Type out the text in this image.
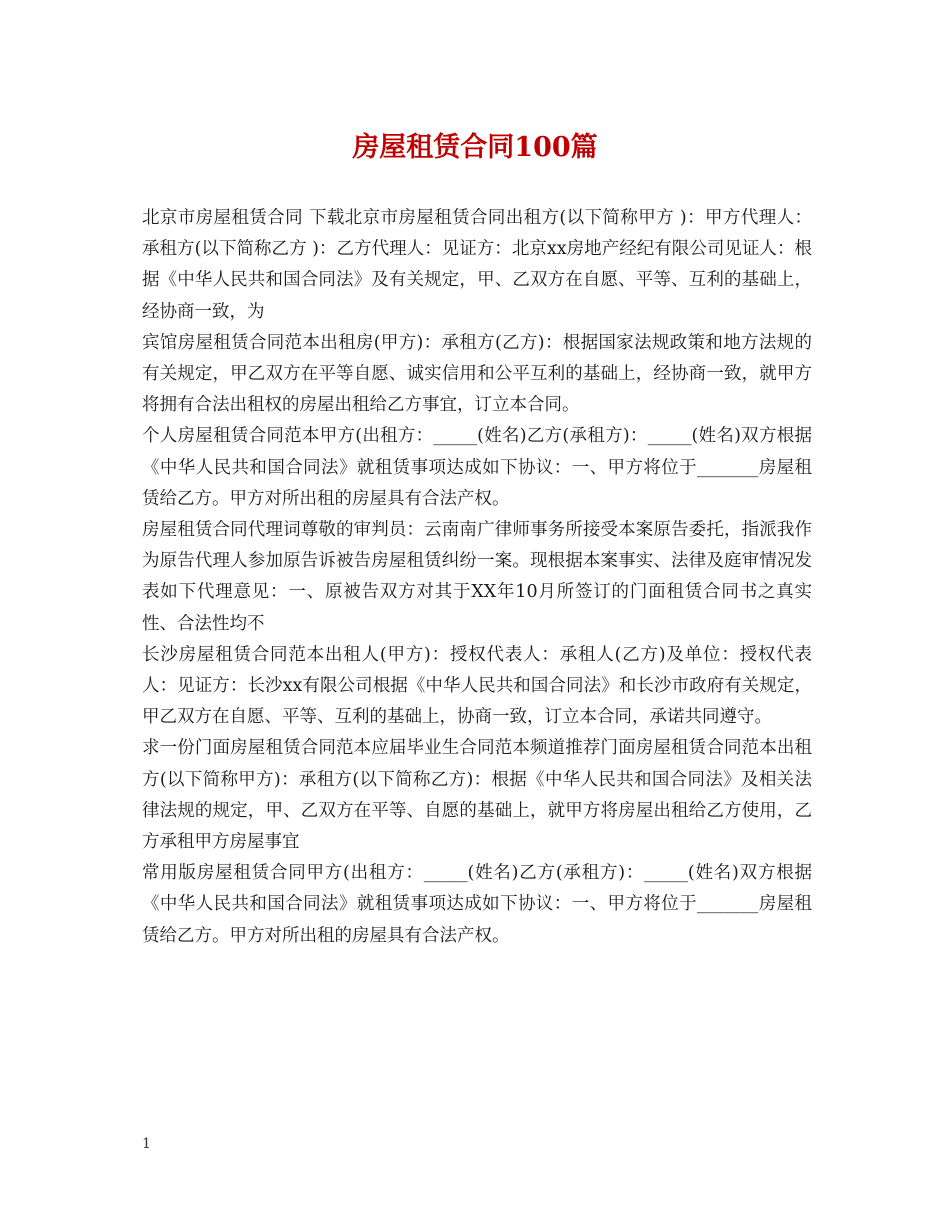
房屋租赁合同100篇

北京市房屋租赁合同 下载北京市房屋租赁合同出租方(以下简称甲方 )：甲方代理人：承租方(以下简称乙方 )：乙方代理人：见证方：北京xx房地产经纪有限公司见证人：根据《中华人民共和国合同法》及有关规定，甲、乙双方在自愿、平等、互利的基础上，经协商一致，为

宾馆房屋租赁合同范本出租房(甲方)：承租方(乙方)：根据国家法规政策和地方法规的有关规定，甲乙双方在平等自愿、诚实信用和公平互利的基础上，经协商一致，就甲方将拥有合法出租权的房屋出租给乙方事宜，订立本合同。

个人房屋租赁合同范本甲方(出租方：_____(姓名)乙方(承租方)：_____(姓名)双方根据《中华人民共和国合同法》就租赁事项达成如下协议：一、甲方将位于_______房屋租赁给乙方。甲方对所出租的房屋具有合法产权。

房屋租赁合同代理词尊敬的审判员：云南南广律师事务所接受本案原告委托，指派我作为原告代理人参加原告诉被告房屋租赁纠纷一案。现根据本案事实、法律及庭审情况发表如下代理意见：一、原被告双方对其于XX年10月所签订的门面租赁合同书之真实性、合法性均不

长沙房屋租赁合同范本出租人(甲方)：授权代表人：承租人(乙方)及单位：授权代表人：见证方：长沙xx有限公司根据《中华人民共和国合同法》和长沙市政府有关规定，甲乙双方在自愿、平等、互利的基础上，协商一致，订立本合同，承诺共同遵守。

求一份门面房屋租赁合同范本应届毕业生合同范本频道推荐门面房屋租赁合同范本出租方(以下简称甲方)：承租方(以下简称乙方)：根据《中华人民共和国合同法》及相关法律法规的规定，甲、乙双方在平等、自愿的基础上，就甲方将房屋出租给乙方使用，乙方承租甲方房屋事宜

常用版房屋租赁合同甲方(出租方：_____(姓名)乙方(承租方)：_____(姓名)双方根据《中华人民共和国合同法》就租赁事项达成如下协议：一、甲方将位于_______房屋租赁给乙方。甲方对所出租的房屋具有合法产权。

1
